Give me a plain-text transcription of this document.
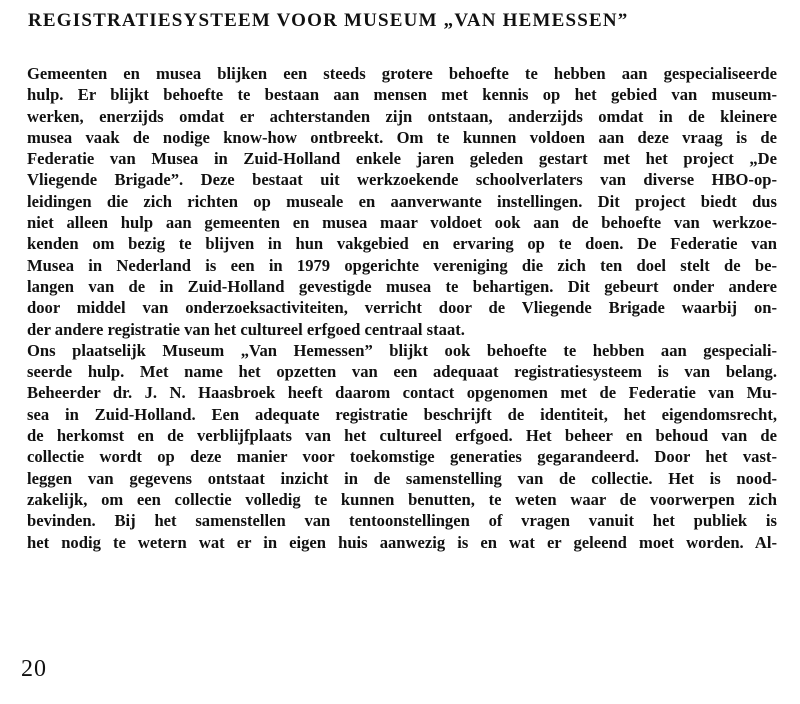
REGISTRATIESYSTEEM VOOR MUSEUM „VAN HEMESSEN”
Gemeenten en musea blijken een steeds grotere behoefte te hebben aan gespecialiseerde
hulp. Er blijkt behoefte te bestaan aan mensen met kennis op het gebied van museum-
werken, enerzijds omdat er achterstanden zijn ontstaan, anderzijds omdat in de kleinere
musea vaak de nodige know-how ontbreekt. Om te kunnen voldoen aan deze vraag is de
Federatie van Musea in Zuid-Holland enkele jaren geleden gestart met het project „De
Vliegende Brigade”. Deze bestaat uit werkzoekende schoolverlaters van diverse HBO-op-
leidingen die zich richten op museale en aanverwante instellingen. Dit project biedt dus
niet alleen hulp aan gemeenten en musea maar voldoet ook aan de behoefte van werkzoe-
kenden om bezig te blijven in hun vakgebied en ervaring op te doen. De Federatie van
Musea in Nederland is een in 1979 opgerichte vereniging die zich ten doel stelt de be-
langen van de in Zuid-Holland gevestigde musea te behartigen. Dit gebeurt onder andere
door middel van onderzoeksactiviteiten, verricht door de Vliegende Brigade waarbij on-
der andere registratie van het cultureel erfgoed centraal staat.
Ons plaatselijk Museum „Van Hemessen” blijkt ook behoefte te hebben aan gespeciali-
seerde hulp. Met name het opzetten van een adequaat registratiesysteem is van belang.
Beheerder dr. J. N. Haasbroek heeft daarom contact opgenomen met de Federatie van Mu-
sea in Zuid-Holland. Een adequate registratie beschrijft de identiteit, het eigendomsrecht,
de herkomst en de verblijfplaats van het cultureel erfgoed. Het beheer en behoud van de
collectie wordt op deze manier voor toekomstige generaties gegarandeerd. Door het vast-
leggen van gegevens ontstaat inzicht in de samenstelling van de collectie. Het is nood-
zakelijk, om een collectie volledig te kunnen benutten, te weten waar de voorwerpen zich
bevinden. Bij het samenstellen van tentoonstellingen of vragen vanuit het publiek is
het nodig te wetern wat er in eigen huis aanwezig is en wat er geleend moet worden. Al-
20
